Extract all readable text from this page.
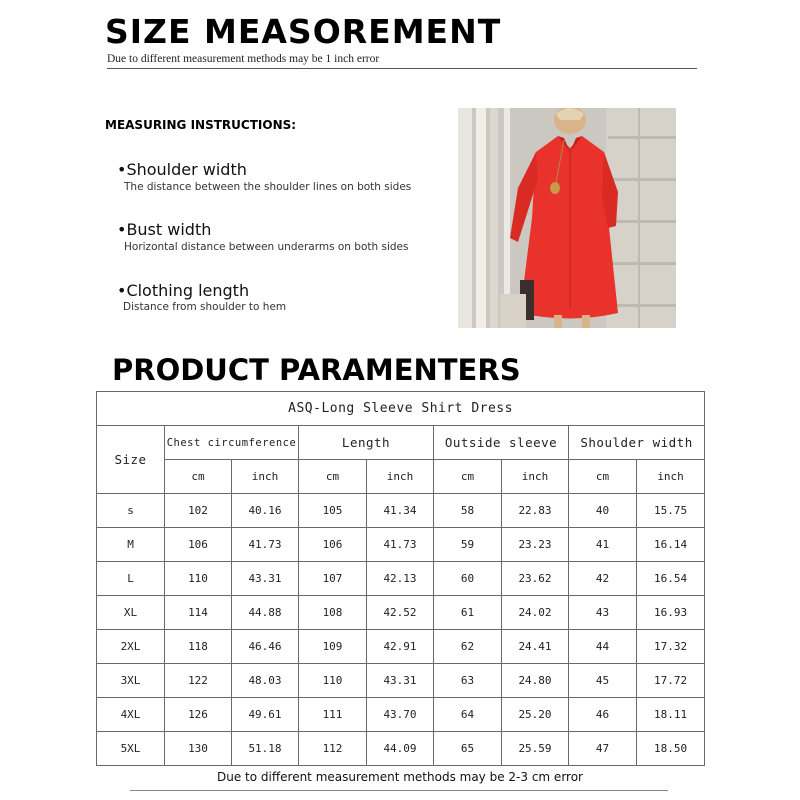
SIZE MEASOREMENT
Due to different measurement methods may be 1 inch error
MEASURING INSTRUCTIONS:
•Shoulder width
The distance between the shoulder lines on both sides
•Bust width
Horizontal distance between underarms on both sides
•Clothing length
Distance from shoulder to hem
PRODUCT PARAMENTERS
ASQ-Long Sleeve Shirt Dress								
Size	Chest circumference		Length		Outside sleeve		Shoulder width	
	cm	inch	cm	inch	cm	inch	cm	inch
s	102	40.16	105	41.34	58	22.83	40	15.75
M	106	41.73	106	41.73	59	23.23	41	16.14
L	110	43.31	107	42.13	60	23.62	42	16.54
XL	114	44.88	108	42.52	61	24.02	43	16.93
2XL	118	46.46	109	42.91	62	24.41	44	17.32
3XL	122	48.03	110	43.31	63	24.80	45	17.72
4XL	126	49.61	111	43.70	64	25.20	46	18.11
5XL	130	51.18	112	44.09	65	25.59	47	18.50
Due to different measurement methods may be 2-3 cm error
